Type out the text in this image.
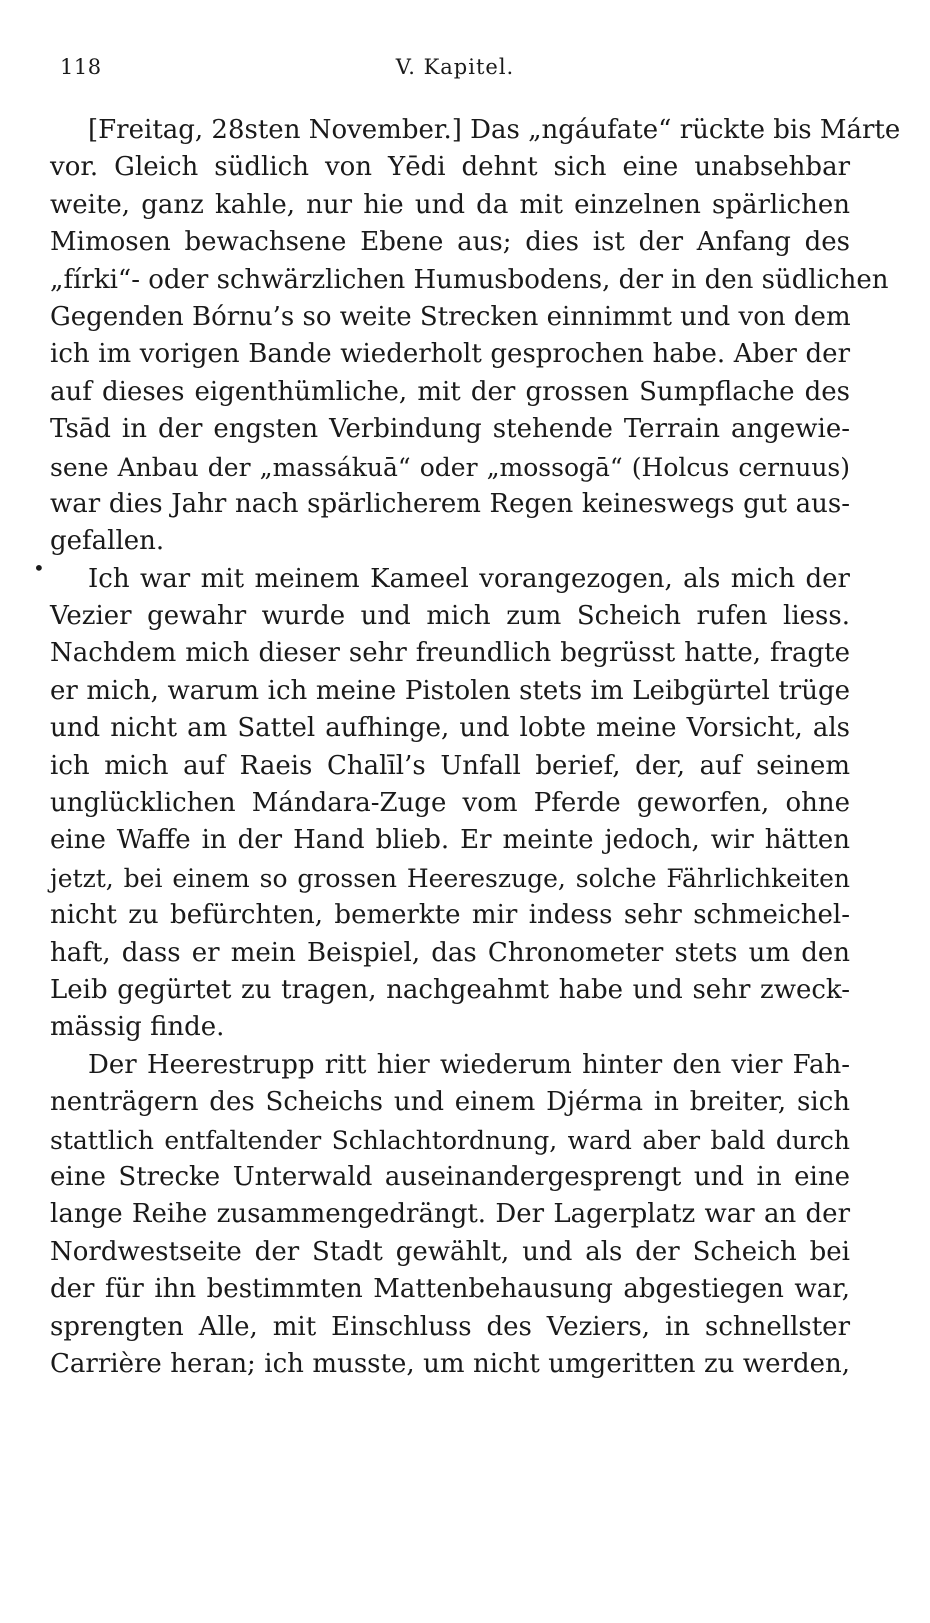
118	V. Kapitel.
•
[Freitag, 28sten November.] Das „ngáufate“ rückte bis Márte
vor. Gleich südlich von Yēdi dehnt sich eine unabsehbar
weite, ganz kahle, nur hie und da mit einzelnen spärlichen
Mimosen bewachsene Ebene aus; dies ist der Anfang des
„fírki“- oder schwärzlichen Humusbodens, der in den südlichen
Gegenden Bórnu’s so weite Strecken einnimmt und von dem
ich im vorigen Bande wiederholt gesprochen habe. Aber der
auf dieses eigenthümliche, mit der grossen Sumpflache des
Tsād in der engsten Verbindung stehende Terrain angewie-
sene Anbau der „massákuā“ oder „mossogā“ (Holcus cernuus)
war dies Jahr nach spärlicherem Regen keineswegs gut aus-
gefallen.
Ich war mit meinem Kameel vorangezogen, als mich der
Vezier gewahr wurde und mich zum Scheich rufen liess.
Nachdem mich dieser sehr freundlich begrüsst hatte, fragte
er mich, warum ich meine Pistolen stets im Leibgürtel trüge
und nicht am Sattel aufhinge, und lobte meine Vorsicht, als
ich mich auf Raeis Chalīl’s Unfall berief, der, auf seinem
unglücklichen Mándara-Zuge vom Pferde geworfen, ohne
eine Waffe in der Hand blieb. Er meinte jedoch, wir hätten
jetzt, bei einem so grossen Heereszuge, solche Fährlichkeiten
nicht zu befürchten, bemerkte mir indess sehr schmeichel-
haft, dass er mein Beispiel, das Chronometer stets um den
Leib gegürtet zu tragen, nachgeahmt habe und sehr zweck-
mässig finde.
Der Heerestrupp ritt hier wiederum hinter den vier Fah-
nenträgern des Scheichs und einem Djérma in breiter, sich
stattlich entfaltender Schlachtordnung, ward aber bald durch
eine Strecke Unterwald auseinandergesprengt und in eine
lange Reihe zusammengedrängt. Der Lagerplatz war an der
Nordwestseite der Stadt gewählt, und als der Scheich bei
der für ihn bestimmten Mattenbehausung abgestiegen war,
sprengten Alle, mit Einschluss des Veziers, in schnellster
Carrière heran; ich musste, um nicht umgeritten zu werden,
